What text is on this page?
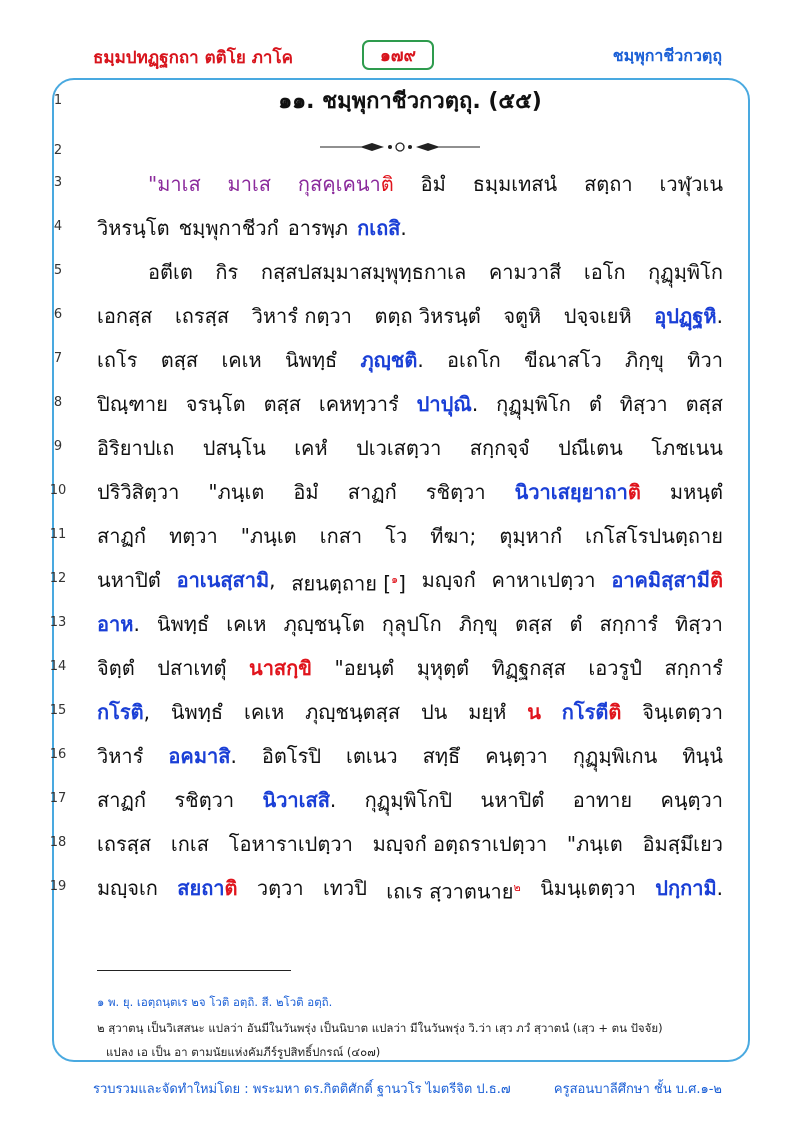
ธมฺมปทฏฺฐกถา ตติโย ภาโค	๑๗๙	ชมฺพุกาชีวกวตฺถุ
1	๑๑. ชมฺพุกาชีวกวตฺถุ. (๕๕)
2
3	"มาเส มาเส กุสคฺเคนาติ อิมํ ธมฺมเทสนํ สตฺถา เวฬุวเน
4	วิหรนฺโต ชมฺพุกาชีวกํ อารพฺภ กเถสิ.
5	อตีเต กิร กสฺสปสมฺมาสมฺพุทฺธกาเล คามวาสี เอโก กุฏุมฺพิโก
6	เอกสฺส เถรสฺส วิหารํ กตฺวา ตตฺถ วิหรนฺตํ จตูหิ ปจฺจเยหิ อุปฏฺฐหิ.
7	เถโร ตสฺส เคเห นิพทฺธํ ภุญฺชติ. อเถโก ขีณาสโว ภิกฺขุ ทิวา
8	ปิณฺฑาย จรนฺโต ตสฺส เคหทฺวารํ ปาปุณิ. กุฏุมฺพิโก ตํ ทิสฺวา ตสฺส
9	อิริยาปเถ ปสนฺโน เคหํ ปเวเสตฺวา สกฺกจฺจํ ปณีเตน โภชเนน
10	ปริวิสิตฺวา "ภนฺเต อิมํ สาฏกํ รชิตฺวา นิวาเสยฺยาถาติ มหนฺตํ
11	สาฏกํ ทตฺวา "ภนฺเต เกสา โว ทีฆา; ตุมฺหากํ เกโสโรปนตฺถาย
12	นหาปิตํ อาเนสฺสามิ, สยนตฺถาย [$^๑$] มญฺจกํ คาหาเปตฺวา อาคมิสฺสามีติ
13	อาห. นิพทฺธํ เคเห ภุญฺชนฺโต กุลุปโก ภิกฺขุ ตสฺส ตํ สกฺการํ ทิสฺวา
14	จิตฺตํ ปสาเทตุํ นาสกฺขิ "อยนฺตํ มุหุตฺตํ ทิฏฺฐกสฺส เอวรูปํ สกฺการํ
15	กโรติ, นิพทฺธํ เคเห ภุญฺชนฺตสฺส ปน มยฺหํ น กโรตีติ จินฺเตตฺวา
16	วิหารํ อคมาสิ. อิตโรปิ เตเนว สทฺธึ คนฺตฺวา กุฏุมฺพิเกน ทินฺนํ
17	สาฏกํ รชิตฺวา นิวาเสสิ. กุฏุมฺพิโกปิ นหาปิตํ อาทาย คนฺตฺวา
18	เถรสฺส เกเส โอหาราเปตฺวา มญฺจกํ อตฺถราเปตฺวา "ภนฺเต อิมสฺมึเยว
19	มญฺจเก สยถาติ วตฺวา เทวปิ เถเร สฺวาตนาย$^๒$ นิมนฺเตตฺวา ปกฺกามิ.
๑ พ. ยุ. เอตฺถนฺตเร ๒จ โวติ อตฺถิ. สี. ๒โวติ อตฺถิ.
๒ สฺวาตนฺ เป็นวิเสสนะ แปลว่า อันมีในวันพรุ่ง เป็นนิบาต แปลว่า มีในวันพรุ่ง วิ.ว่า เสฺว ภวํ สฺวาตนํ (เสฺว + ตน ปัจจัย)
แปลง เอ เป็น อา ตามนัยแห่งคัมภีร์รูปสิทธิ์ปกรณ์ (๔๐๗)
รวบรวมและจัดทำใหม่โดย : พระมหา ดร.กิตติศักดิ์ ฐานวโร ไมตรีจิต ป.ธ.๗	ครูสอนบาลีศึกษา ชั้น บ.ศ.๑-๒
